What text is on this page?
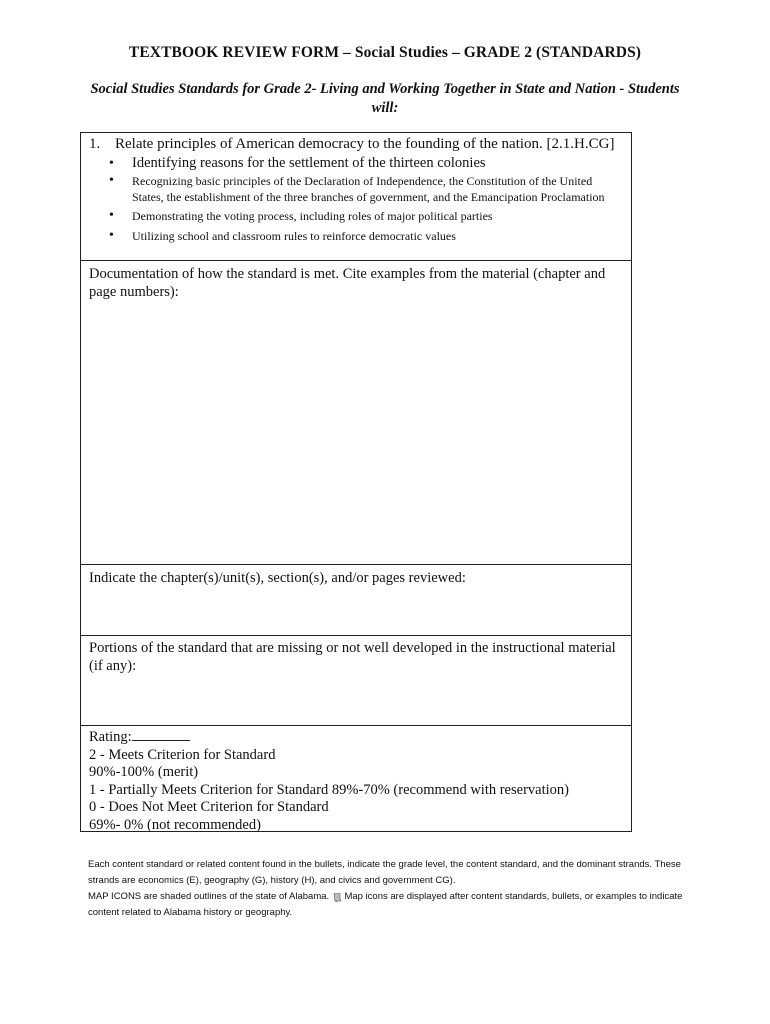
TEXTBOOK REVIEW FORM – Social Studies – GRADE 2 (STANDARDS)
Social Studies Standards for Grade 2- Living and Working Together in State and Nation - Students will:
1. Relate principles of American democracy to the founding of the nation. [2.1.H.CG]
• Identifying reasons for the settlement of the thirteen colonies
• Recognizing basic principles of the Declaration of Independence, the Constitution of the United States, the establishment of the three branches of government, and the Emancipation Proclamation
• Demonstrating the voting process, including roles of major political parties
• Utilizing school and classroom rules to reinforce democratic values
Documentation of how the standard is met. Cite examples from the material (chapter and page numbers):
Indicate the chapter(s)/unit(s), section(s), and/or pages reviewed:
Portions of the standard that are missing or not well developed in the instructional material
(if any):
Rating:
2 - Meets Criterion for Standard
90%-100% (merit)
1 - Partially Meets Criterion for Standard 89%-70% (recommend with reservation)
0 - Does Not Meet Criterion for Standard
69%- 0% (not recommended)

Each content standard or related content found in the bullets, indicate the grade level, the content standard, and the dominant strands. These strands are economics (E), geography (G), history (H), and civics and government CG).

MAP ICONS are shaded outlines of the state of Alabama. Map icons are displayed after content standards, bullets, or examples to indicate content related to Alabama history or geography.
